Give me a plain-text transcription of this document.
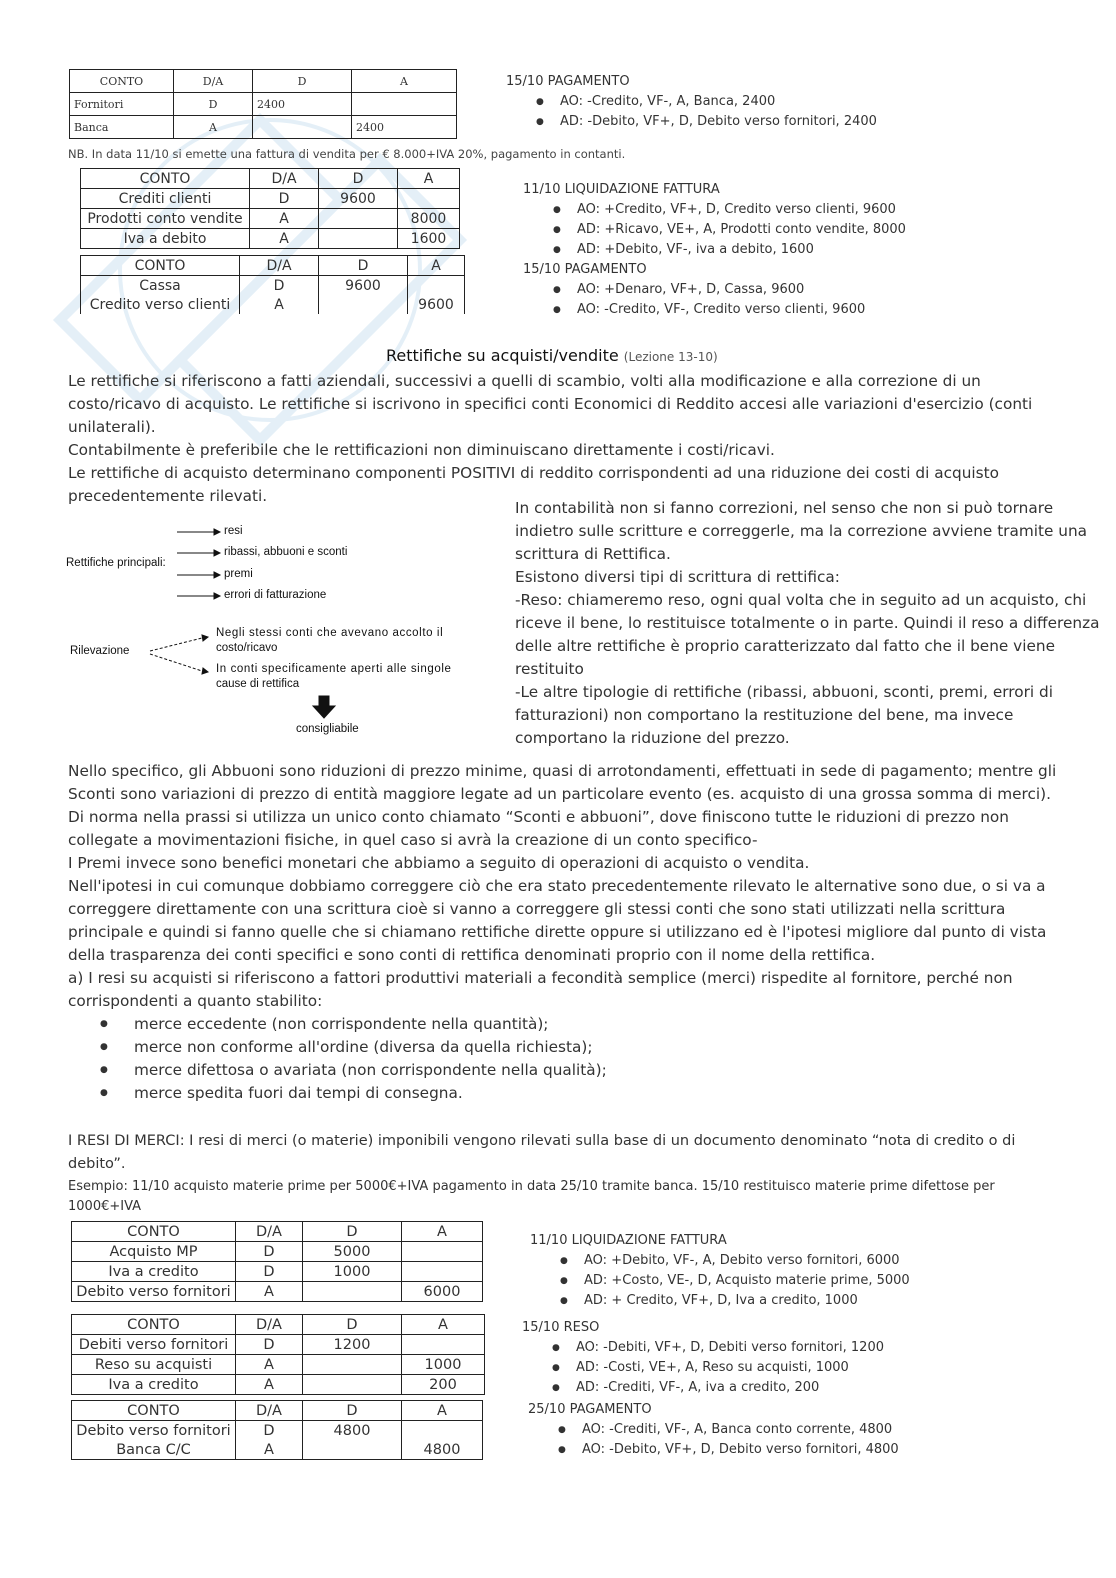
CONTO	D/A	D	A
Fornitori	D	2400	
Banca	A		2400
15/10 PAGAMENTO
● AO: -Credito, VF-, A, Banca, 2400
● AD: -Debito, VF+, D, Debito verso fornitori, 2400
NB. In data 11/10 si emette una fattura di vendita per € 8.000+IVA 20%, pagamento in contanti.
CONTO	D/A	D	A
Crediti clienti	D	9600	
Prodotti conto vendite	A		8000
Iva a debito	A		1600
CONTO	D/A	D	A
Cassa	D	9600	
Credito verso clienti	A		9600
11/10 LIQUIDAZIONE FATTURA
● AO: +Credito, VF+, D, Credito verso clienti, 9600
● AD: +Ricavo, VE+, A, Prodotti conto vendite, 8000
● AD: +Debito, VF-, iva a debito, 1600
15/10 PAGAMENTO
● AO: +Denaro, VF+, D, Cassa, 9600
● AO: -Credito, VF-, Credito verso clienti, 9600
Rettifiche su acquisti/vendite (Lezione 13-10)

Le rettifiche si riferiscono a fatti aziendali, successivi a quelli di scambio, volti alla modificazione e alla correzione di un costo/ricavo di acquisto. Le rettifiche si iscrivono in specifici conti Economici di Reddito accesi alle variazioni d'esercizio (conti unilaterali).

Contabilmente è preferibile che le rettificazioni non diminuiscano direttamente i costi/ricavi.

Le rettifiche di acquisto determinano componenti POSITIVI di reddito corrispondenti ad una riduzione dei costi di acquisto precedentemente rilevati.

Rettifiche principali:
resi
ribassi, abbuoni e sconti
premi
errori di fatturazione
Rilevazione
Negli stessi conti che avevano accolto il
costo/ricavo
In conti specificamente aperti alle singole
cause di rettifica
consigliabile

In contabilità non si fanno correzioni, nel senso che non si può tornare indietro sulle scritture e correggerle, ma la correzione avviene tramite una scrittura di Rettifica.

Esistono diversi tipi di scrittura di rettifica:

-Reso: chiameremo reso, ogni qual volta che in seguito ad un acquisto, chi riceve il bene, lo restituisce totalmente o in parte. Quindi il reso a differenza delle altre rettifiche è proprio caratterizzato dal fatto che il bene viene restituito

-Le altre tipologie di rettifiche (ribassi, abbuoni, sconti, premi, errori di fatturazioni) non comportano la restituzione del bene, ma invece comportano la riduzione del prezzo.

Nello specifico, gli Abbuoni sono riduzioni di prezzo minime, quasi di arrotondamenti, effettuati in sede di pagamento; mentre gli Sconti sono variazioni di prezzo di entità maggiore legate ad un particolare evento (es. acquisto di una grossa somma di merci).

Di norma nella prassi si utilizza un unico conto chiamato “Sconti e abbuoni”, dove finiscono tutte le riduzioni di prezzo non collegate a movimentazioni fisiche, in quel caso si avrà la creazione di un conto specifico-

I Premi invece sono benefici monetari che abbiamo a seguito di operazioni di acquisto o vendita.

Nell'ipotesi in cui comunque dobbiamo correggere ciò che era stato precedentemente rilevato le alternative sono due, o si va a correggere direttamente con una scrittura cioè si vanno a correggere gli stessi conti che sono stati utilizzati nella scrittura principale e quindi si fanno quelle che si chiamano rettifiche dirette oppure si utilizzano ed è l'ipotesi migliore dal punto di vista della trasparenza dei conti specifici e sono conti di rettifica denominati proprio con il nome della rettifica.

a) I resi su acquisti si riferiscono a fattori produttivi materiali a fecondità semplice (merci) rispedite al fornitore, perché non corrispondenti a quanto stabilito:

● merce eccedente (non corrispondente nella quantità);
● merce non conforme all'ordine (diversa da quella richiesta);
● merce difettosa o avariata (non corrispondente nella qualità);
● merce spedita fuori dai tempi di consegna.
I RESI DI MERCI: I resi di merci (o materie) imponibili vengono rilevati sulla base di un documento denominato “nota di credito o di debito”.
Esempio: 11/10 acquisto materie prime per 5000€+IVA pagamento in data 25/10 tramite banca. 15/10 restituisco materie prime difettose per 1000€+IVA
CONTO	D/A	D	A
Acquisto MP	D	5000	
Iva a credito	D	1000	
Debito verso fornitori	A		6000
CONTO	D/A	D	A
Debiti verso fornitori	D	1200	
Reso su acquisti	A		1000
Iva a credito	A		200
CONTO	D/A	D	A
Debito verso fornitori	D	4800	
Banca C/C	A		4800
11/10 LIQUIDAZIONE FATTURA
● AO: +Debito, VF-, A, Debito verso fornitori, 6000
● AD: +Costo, VE-, D, Acquisto materie prime, 5000
● AD: + Credito, VF+, D, Iva a credito, 1000
15/10 RESO
● AO: -Debiti, VF+, D, Debiti verso fornitori, 1200
● AD: -Costi, VE+, A, Reso su acquisti, 1000
● AD: -Crediti, VF-, A, iva a credito, 200
25/10 PAGAMENTO
● AO: -Crediti, VF-, A, Banca conto corrente, 4800
● AO: -Debito, VF+, D, Debito verso fornitori, 4800
